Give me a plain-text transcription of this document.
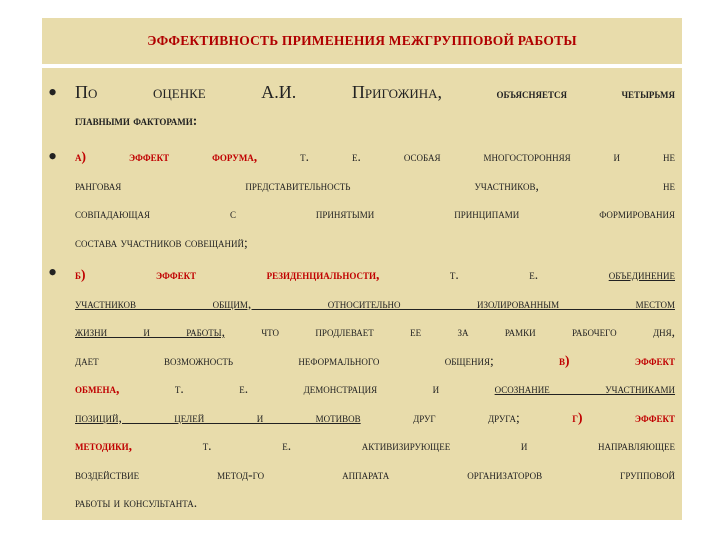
ЭФФЕКТИВНОСТЬ ПРИМЕНЕНИЯ МЕЖГРУППОВОЙ РАБОТЫ
• По оценке А.И. Пригожина,	объясняется четырьмя
главными факторами:
• а)	эффект форума,	т. е. особая многосторонняя и не
ранговая представительность участников, не
совпадающая с принятыми принципами формирования
состава участников совещаний;
• б)	эффект резиденциальности,	т. е.	объединение
участников общим, относительно изолированным местом
жизни и работы,	что продлевает ее за рамки рабочего дня,
дает возможность неформального общения;	в) эффект
обмена,	т. е. демонстрация и	осознание участниками
позиций, целей и мотивов	друг друга;	г) эффект
методики,	т. е. активизирующее и направляющее
воздействие метод-го аппарата организаторов групповой
работы и консультанта.
